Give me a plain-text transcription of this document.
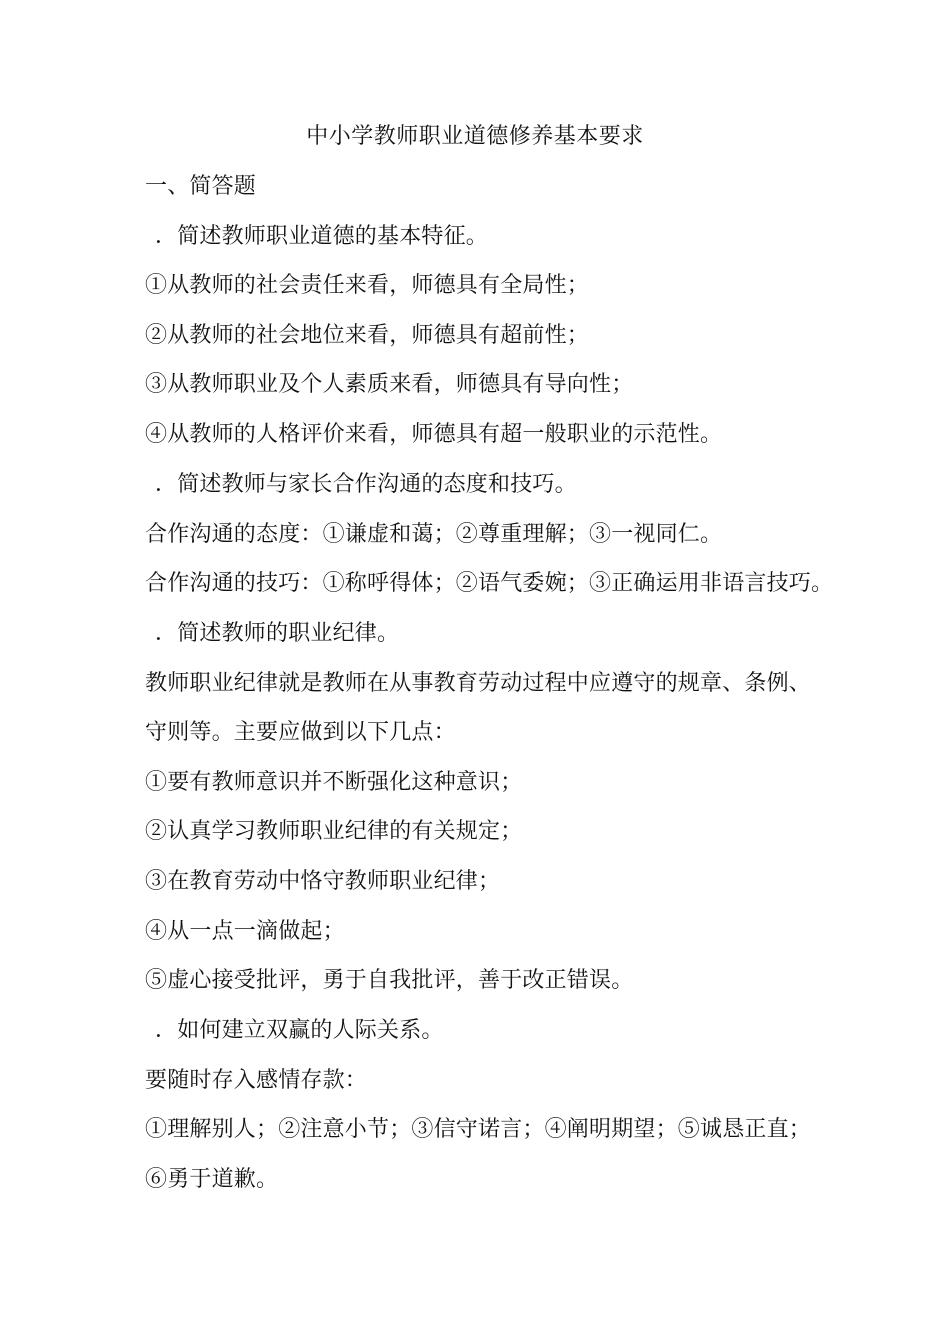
中小学教师职业道德修养基本要求
一、简答题
．简述教师职业道德的基本特征。
①从教师的社会责任来看，师德具有全局性；
②从教师的社会地位来看，师德具有超前性；
③从教师职业及个人素质来看，师德具有导向性；
④从教师的人格评价来看，师德具有超一般职业的示范性。
．简述教师与家长合作沟通的态度和技巧。
合作沟通的态度：①谦虚和蔼；②尊重理解；③一视同仁。
合作沟通的技巧：①称呼得体；②语气委婉；③正确运用非语言技巧。
．简述教师的职业纪律。
教师职业纪律就是教师在从事教育劳动过程中应遵守的规章、条例、
守则等。主要应做到以下几点：
①要有教师意识并不断强化这种意识；
②认真学习教师职业纪律的有关规定；
③在教育劳动中恪守教师职业纪律；
④从一点一滴做起；
⑤虚心接受批评，勇于自我批评，善于改正错误。
．如何建立双赢的人际关系。
要随时存入感情存款：
①理解别人；②注意小节；③信守诺言；④阐明期望；⑤诚恳正直；
⑥勇于道歉。
